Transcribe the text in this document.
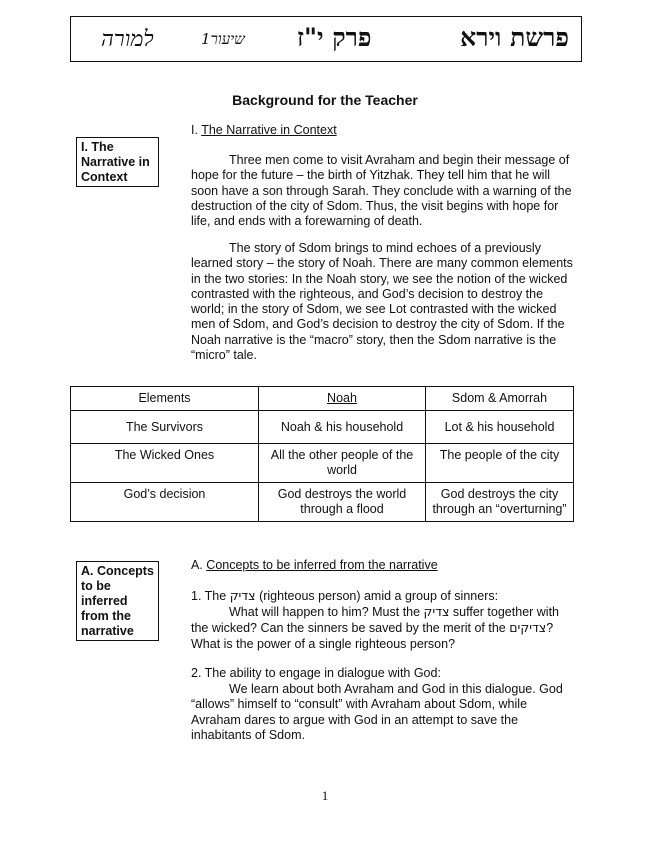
פרשת וירא
פרק י"ז
1שיעור
למורה
Background for the Teacher
I. The Narrative in Context
I. The Narrative in Context

Three men come to visit Avraham and begin their message of hope for the future – the birth of Yitzhak. They tell him that he will soon have a son through Sarah. They conclude with a warning of the destruction of the city of Sdom. Thus, the visit begins with hope for life, and ends with a forewarning of death.

The story of Sdom brings to mind echoes of a previously learned story – the story of Noah. There are many common elements in the two stories: In the Noah story, we see the notion of the wicked contrasted with the righteous, and God’s decision to destroy the world; in the story of Sdom, we see Lot contrasted with the wicked men of Sdom, and God’s decision to destroy the city of Sdom. If the Noah narrative is the “macro” story, then the Sdom narrative is the “micro” tale.

Elements	Noah	Sdom & Amorrah
The Survivors	Noah & his household	Lot & his household
The Wicked Ones	All the other people of the world	The people of the city
God’s decision	God destroys the world through a flood	God destroys the city through an “overturning”
A. Concepts to be inferred from the narrative
A. Concepts to be inferred from the narrative

1. The צדיק (righteous person) amid a group of sinners:

What will happen to him? Must the צדיק suffer together with the wicked? Can the sinners be saved by the merit of the צדיקים? What is the power of a single righteous person?

2. The ability to engage in dialogue with God:

We learn about both Avraham and God in this dialogue. God “allows” himself to “consult” with Avraham about Sdom, while Avraham dares to argue with God in an attempt to save the inhabitants of Sdom.

1
